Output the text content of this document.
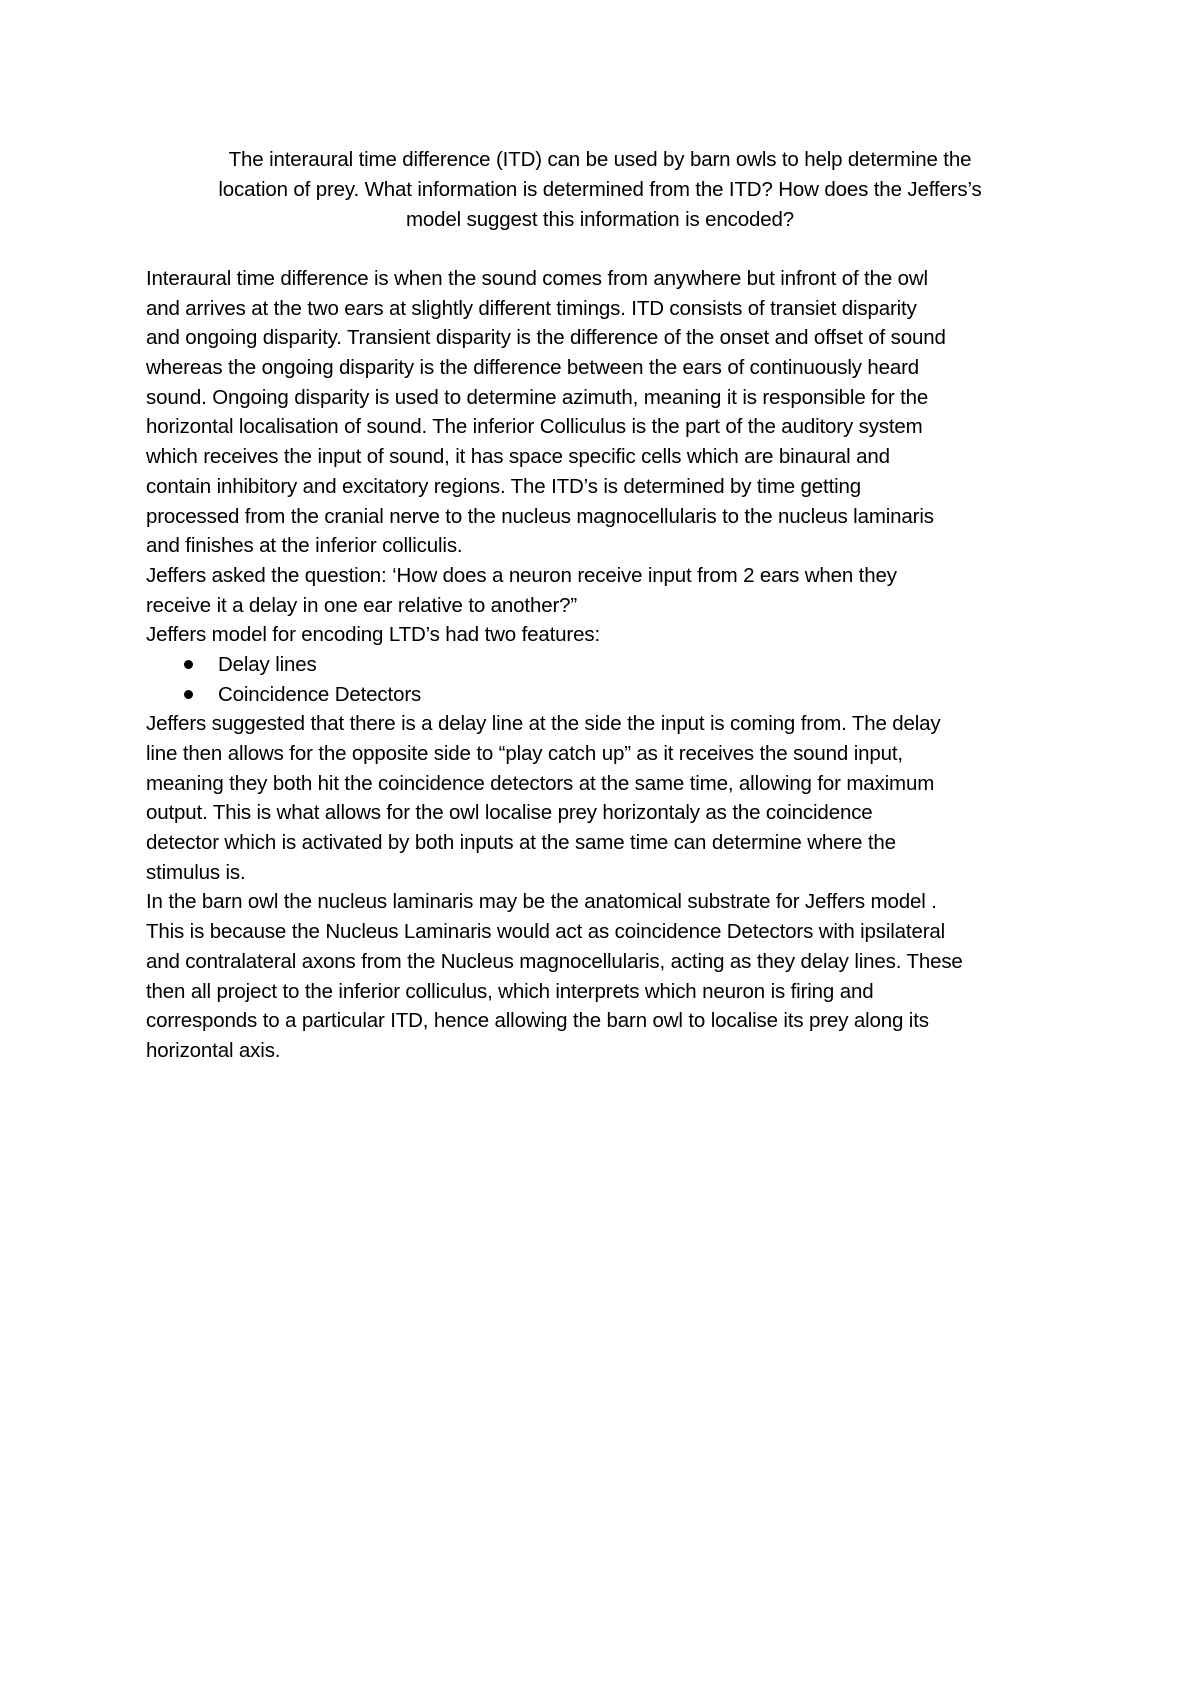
The interaural time difference (ITD) can be used by barn owls to help determine the
location of prey. What information is determined from the ITD? How does the Jeffers’s
model suggest this information is encoded?
Interaural time difference is when the sound comes from anywhere but infront of the owl
and arrives at the two ears at slightly different timings. ITD consists of transiet disparity
and ongoing disparity. Transient disparity is the difference of the onset and offset of sound
whereas the ongoing disparity is the difference between the ears of continuously heard
sound. Ongoing disparity is used to determine azimuth, meaning it is responsible for the
horizontal localisation of sound. The inferior Colliculus is the part of the auditory system
which receives the input of sound, it has space specific cells which are binaural and
contain inhibitory and excitatory regions. The ITD’s is determined by time getting
processed from the cranial nerve to the nucleus magnocellularis to the nucleus laminaris
and finishes at the inferior colliculis.
Jeffers asked the question: ‘How does a neuron receive input from 2 ears when they
receive it a delay in one ear relative to another?”
Jeffers model for encoding LTD’s had two features:
Delay lines
Coincidence Detectors
Jeffers suggested that there is a delay line at the side the input is coming from. The delay
line then allows for the opposite side to “play catch up” as it receives the sound input,
meaning they both hit the coincidence detectors at the same time, allowing for maximum
output. This is what allows for the owl localise prey horizontaly as the coincidence
detector which is activated by both inputs at the same time can determine where the
stimulus is.
In the barn owl the nucleus laminaris may be the anatomical substrate for Jeffers model .
This is because the Nucleus Laminaris would act as coincidence Detectors with ipsilateral
and contralateral axons from the Nucleus magnocellularis, acting as they delay lines. These
then all project to the inferior colliculus, which interprets which neuron is firing and
corresponds to a particular ITD, hence allowing the barn owl to localise its prey along its
horizontal axis.
